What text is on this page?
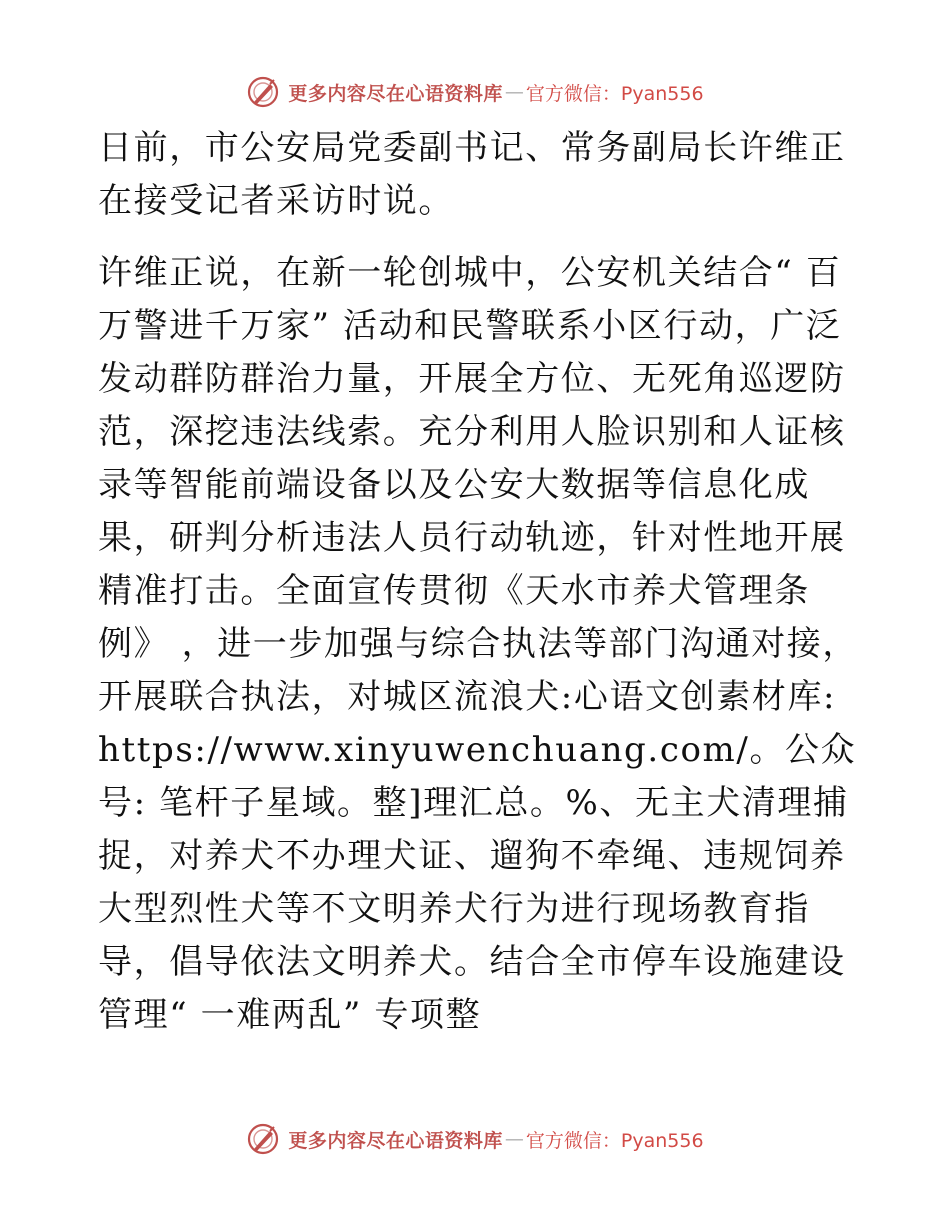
更多内容尽在心语资料库 — 官方微信：Pyan556

日前，市公安局党委副书记、常务副局长许维正在接受记者采访时说。

许维正说，在新一轮创城中，公安机关结合“ 百万警进千万家” 活动和民警联系小区行动，广泛发动群防群治力量，开展全方位、无死角巡逻防范，深挖违法线索。充分利用人脸识别和人证核录等智能前端设备以及公安大数据等信息化成果，研判分析违法人员行动轨迹，针对性地开展精准打击。全面宣传贯彻《天水市养犬管理条例》 ，进一步加强与综合执法等部门沟通对接，开展联合执法，对城区流浪犬:心语文创素材库: https://www.xinyuwenchuang.com/。公众号: 笔杆子星域。整]理汇总。%、无主犬清理捕捉，对养犬不办理犬证、遛狗不牵绳、违规饲养大型烈性犬等不文明养犬行为进行现场教育指导，倡导依法文明养犬。结合全市停车设施建设管理“ 一难两乱” 专项整

更多内容尽在心语资料库 — 官方微信：Pyan556
